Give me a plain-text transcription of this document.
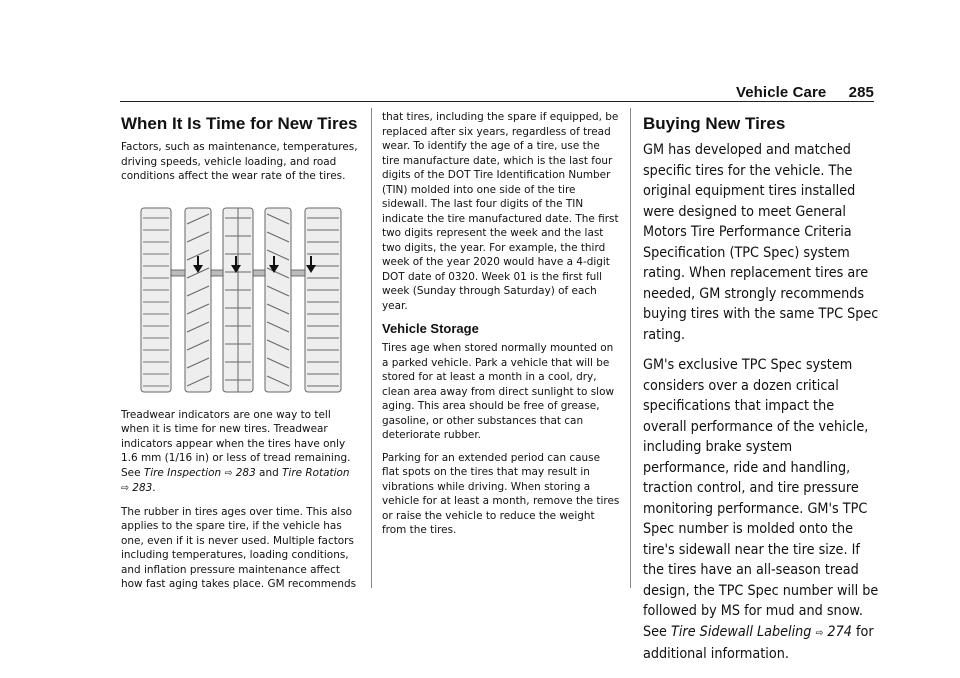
Vehicle Care 285
When It Is Time for New Tires

Factors, such as maintenance, temperatures, driving speeds, vehicle loading, and road conditions affect the wear rate of the tires.

Treadwear indicators are one way to tell when it is time for new tires. Treadwear indicators appear when the tires have only 1.6 mm (1/16 in) or less of tread remaining. See Tire Inspection ⇨ 283 and Tire Rotation ⇨ 283.

The rubber in tires ages over time. This also applies to the spare tire, if the vehicle has one, even if it is never used. Multiple factors including temperatures, loading conditions, and inflation pressure maintenance affect how fast aging takes place. GM recommends

that tires, including the spare if equipped, be replaced after six years, regardless of tread wear. To identify the age of a tire, use the tire manufacture date, which is the last four digits of the DOT Tire Identification Number (TIN) molded into one side of the tire sidewall. The last four digits of the TIN indicate the tire manufactured date. The first two digits represent the week and the last two digits, the year. For example, the third week of the year 2020 would have a 4-digit DOT date of 0320. Week 01 is the first full week (Sunday through Saturday) of each year.

Vehicle Storage

Tires age when stored normally mounted on a parked vehicle. Park a vehicle that will be stored for at least a month in a cool, dry, clean area away from direct sunlight to slow aging. This area should be free of grease, gasoline, or other substances that can deteriorate rubber.

Parking for an extended period can cause flat spots on the tires that may result in vibrations while driving. When storing a vehicle for at least a month, remove the tires or raise the vehicle to reduce the weight from the tires.

Buying New Tires

GM has developed and matched specific tires for the vehicle. The original equipment tires installed were designed to meet General Motors Tire Performance Criteria Specification (TPC Spec) system rating. When replacement tires are needed, GM strongly recommends buying tires with the same TPC Spec rating.

GM's exclusive TPC Spec system considers over a dozen critical specifications that impact the overall performance of the vehicle, including brake system performance, ride and handling, traction control, and tire pressure monitoring performance. GM's TPC Spec number is molded onto the tire's sidewall near the tire size. If the tires have an all-season tread design, the TPC Spec number will be followed by MS for mud and snow. See Tire Sidewall Labeling ⇨ 274 for additional information.
